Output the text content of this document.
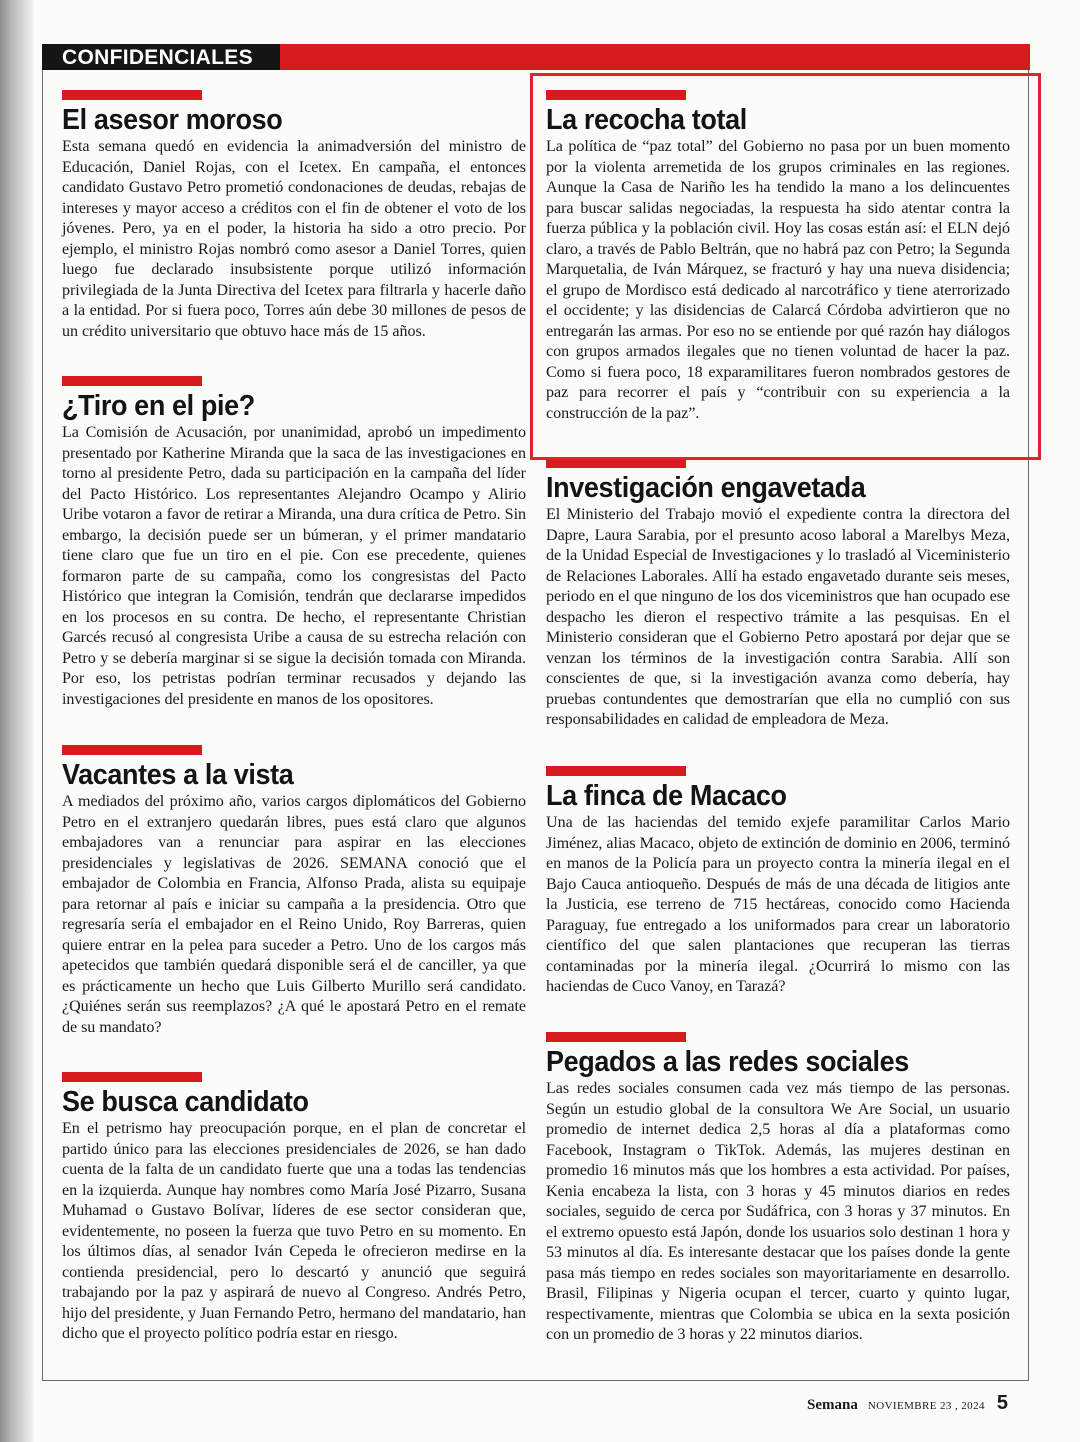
CONFIDENCIALES
El asesor moroso

Esta semana quedó en evidencia la animadversión del ministro de Educación, Daniel Rojas, con el Icetex. En campaña, el entonces candidato Gustavo Petro prometió condonaciones de deudas, rebajas de intereses y mayor acceso a créditos con el fin de obtener el voto de los jóvenes. Pero, ya en el poder, la historia ha sido a otro precio. Por ejemplo, el ministro Rojas nombró como asesor a Daniel Torres, quien luego fue declarado insubsistente porque utilizó información privilegiada de la Junta Directiva del Icetex para filtrarla y hacerle daño a la entidad. Por si fuera poco, Torres aún debe 30 millones de pesos de un crédito universitario que obtuvo hace más de 15 años.

¿Tiro en el pie?

La Comisión de Acusación, por unanimidad, aprobó un impedimento presentado por Katherine Miranda que la saca de las investigaciones en torno al presidente Petro, dada su participación en la campaña del líder del Pacto Histórico. Los representantes Alejandro Ocampo y Alirio Uribe votaron a favor de retirar a Miranda, una dura crítica de Petro. Sin embargo, la decisión puede ser un búmeran, y el primer mandatario tiene claro que fue un tiro en el pie. Con ese precedente, quienes formaron parte de su campaña, como los congresistas del Pacto Histórico que integran la Comisión, tendrán que declararse impedidos en los procesos en su contra. De hecho, el representante Christian Garcés recusó al congresista Uribe a causa de su estrecha relación con Petro y se debería marginar si se sigue la decisión tomada con Miranda. Por eso, los petristas podrían terminar recusados y dejando las investigaciones del presidente en manos de los opositores.

Vacantes a la vista

A mediados del próximo año, varios cargos diplomáticos del Gobierno Petro en el extranjero quedarán libres, pues está claro que algunos embajadores van a renunciar para aspirar en las elecciones presidenciales y legislativas de 2026. SEMANA conoció que el embajador de Colombia en Francia, Alfonso Prada, alista su equipaje para retornar al país e iniciar su campaña a la presidencia. Otro que regresaría sería el embajador en el Reino Unido, Roy Barreras, quien quiere entrar en la pelea para suceder a Petro. Uno de los cargos más apetecidos que también quedará disponible será el de canciller, ya que es prácticamente un hecho que Luis Gilberto Murillo será candidato. ¿Quiénes serán sus reemplazos? ¿A qué le apostará Petro en el remate de su mandato?

Se busca candidato

En el petrismo hay preocupación porque, en el plan de concretar el partido único para las elecciones presidenciales de 2026, se han dado cuenta de la falta de un candidato fuerte que una a todas las tendencias en la izquierda. Aunque hay nombres como María José Pizarro, Susana Muhamad o Gustavo Bolívar, líderes de ese sector consideran que, evidentemente, no poseen la fuerza que tuvo Petro en su momento. En los últimos días, al senador Iván Cepeda le ofrecieron medirse en la contienda presidencial, pero lo descartó y anunció que seguirá trabajando por la paz y aspirará de nuevo al Congreso. Andrés Petro, hijo del presidente, y Juan Fernando Petro, hermano del mandatario, han dicho que el proyecto político podría estar en riesgo.

La recocha total

La política de “paz total” del Gobierno no pasa por un buen momento por la violenta arremetida de los grupos criminales en las regiones. Aunque la Casa de Nariño les ha tendido la mano a los delincuentes para buscar salidas negociadas, la respuesta ha sido atentar contra la fuerza pública y la población civil. Hoy las cosas están así: el ELN dejó claro, a través de Pablo Beltrán, que no habrá paz con Petro; la Segunda Marquetalia, de Iván Márquez, se fracturó y hay una nueva disidencia; el grupo de Mordisco está dedicado al narcotráfico y tiene aterrorizado el occidente; y las disidencias de Calarcá Córdoba advirtieron que no entregarán las armas. Por eso no se entiende por qué razón hay diálogos con grupos armados ilegales que no tienen voluntad de hacer la paz. Como si fuera poco, 18 exparamilitares fueron nombrados gestores de paz para recorrer el país y “contribuir con su experiencia a la construcción de la paz”.

Investigación engavetada

El Ministerio del Trabajo movió el expediente contra la directora del Dapre, Laura Sarabia, por el presunto acoso laboral a Marelbys Meza, de la Unidad Especial de Investigaciones y lo trasladó al Viceministerio de Relaciones Laborales. Allí ha estado engavetado durante seis meses, periodo en el que ninguno de los dos viceministros que han ocupado ese despacho les dieron el respectivo trámite a las pesquisas. En el Ministerio consideran que el Gobierno Petro apostará por dejar que se venzan los términos de la investigación contra Sarabia. Allí son conscientes de que, si la investigación avanza como debería, hay pruebas contundentes que demostrarían que ella no cumplió con sus responsabilidades en calidad de empleadora de Meza.

La finca de Macaco

Una de las haciendas del temido exjefe paramilitar Carlos Mario Jiménez, alias Macaco, objeto de extinción de dominio en 2006, terminó en manos de la Policía para un proyecto contra la minería ilegal en el Bajo Cauca antioqueño. Después de más de una década de litigios ante la Justicia, ese terreno de 715 hectáreas, conocido como Hacienda Paraguay, fue entregado a los uniformados para crear un laboratorio científico del que salen plantaciones que recuperan las tierras contaminadas por la minería ilegal. ¿Ocurrirá lo mismo con las haciendas de Cuco Vanoy, en Tarazá?

Pegados a las redes sociales

Las redes sociales consumen cada vez más tiempo de las personas. Según un estudio global de la consultora We Are Social, un usuario promedio de internet dedica 2,5 horas al día a plataformas como Facebook, Instagram o TikTok. Además, las mujeres destinan en promedio 16 minutos más que los hombres a esta actividad. Por países, Kenia encabeza la lista, con 3 horas y 45 minutos diarios en redes sociales, seguido de cerca por Sudáfrica, con 3 horas y 37 minutos. En el extremo opuesto está Japón, donde los usuarios solo destinan 1 hora y 53 minutos al día. Es interesante destacar que los países donde la gente pasa más tiempo en redes sociales son mayoritariamente en desarrollo. Brasil, Filipinas y Nigeria ocupan el tercer, cuarto y quinto lugar, respectivamente, mientras que Colombia se ubica en la sexta posición con un promedio de 3 horas y 22 minutos diarios.

Semana NOVIEMBRE 23 , 2024 5
